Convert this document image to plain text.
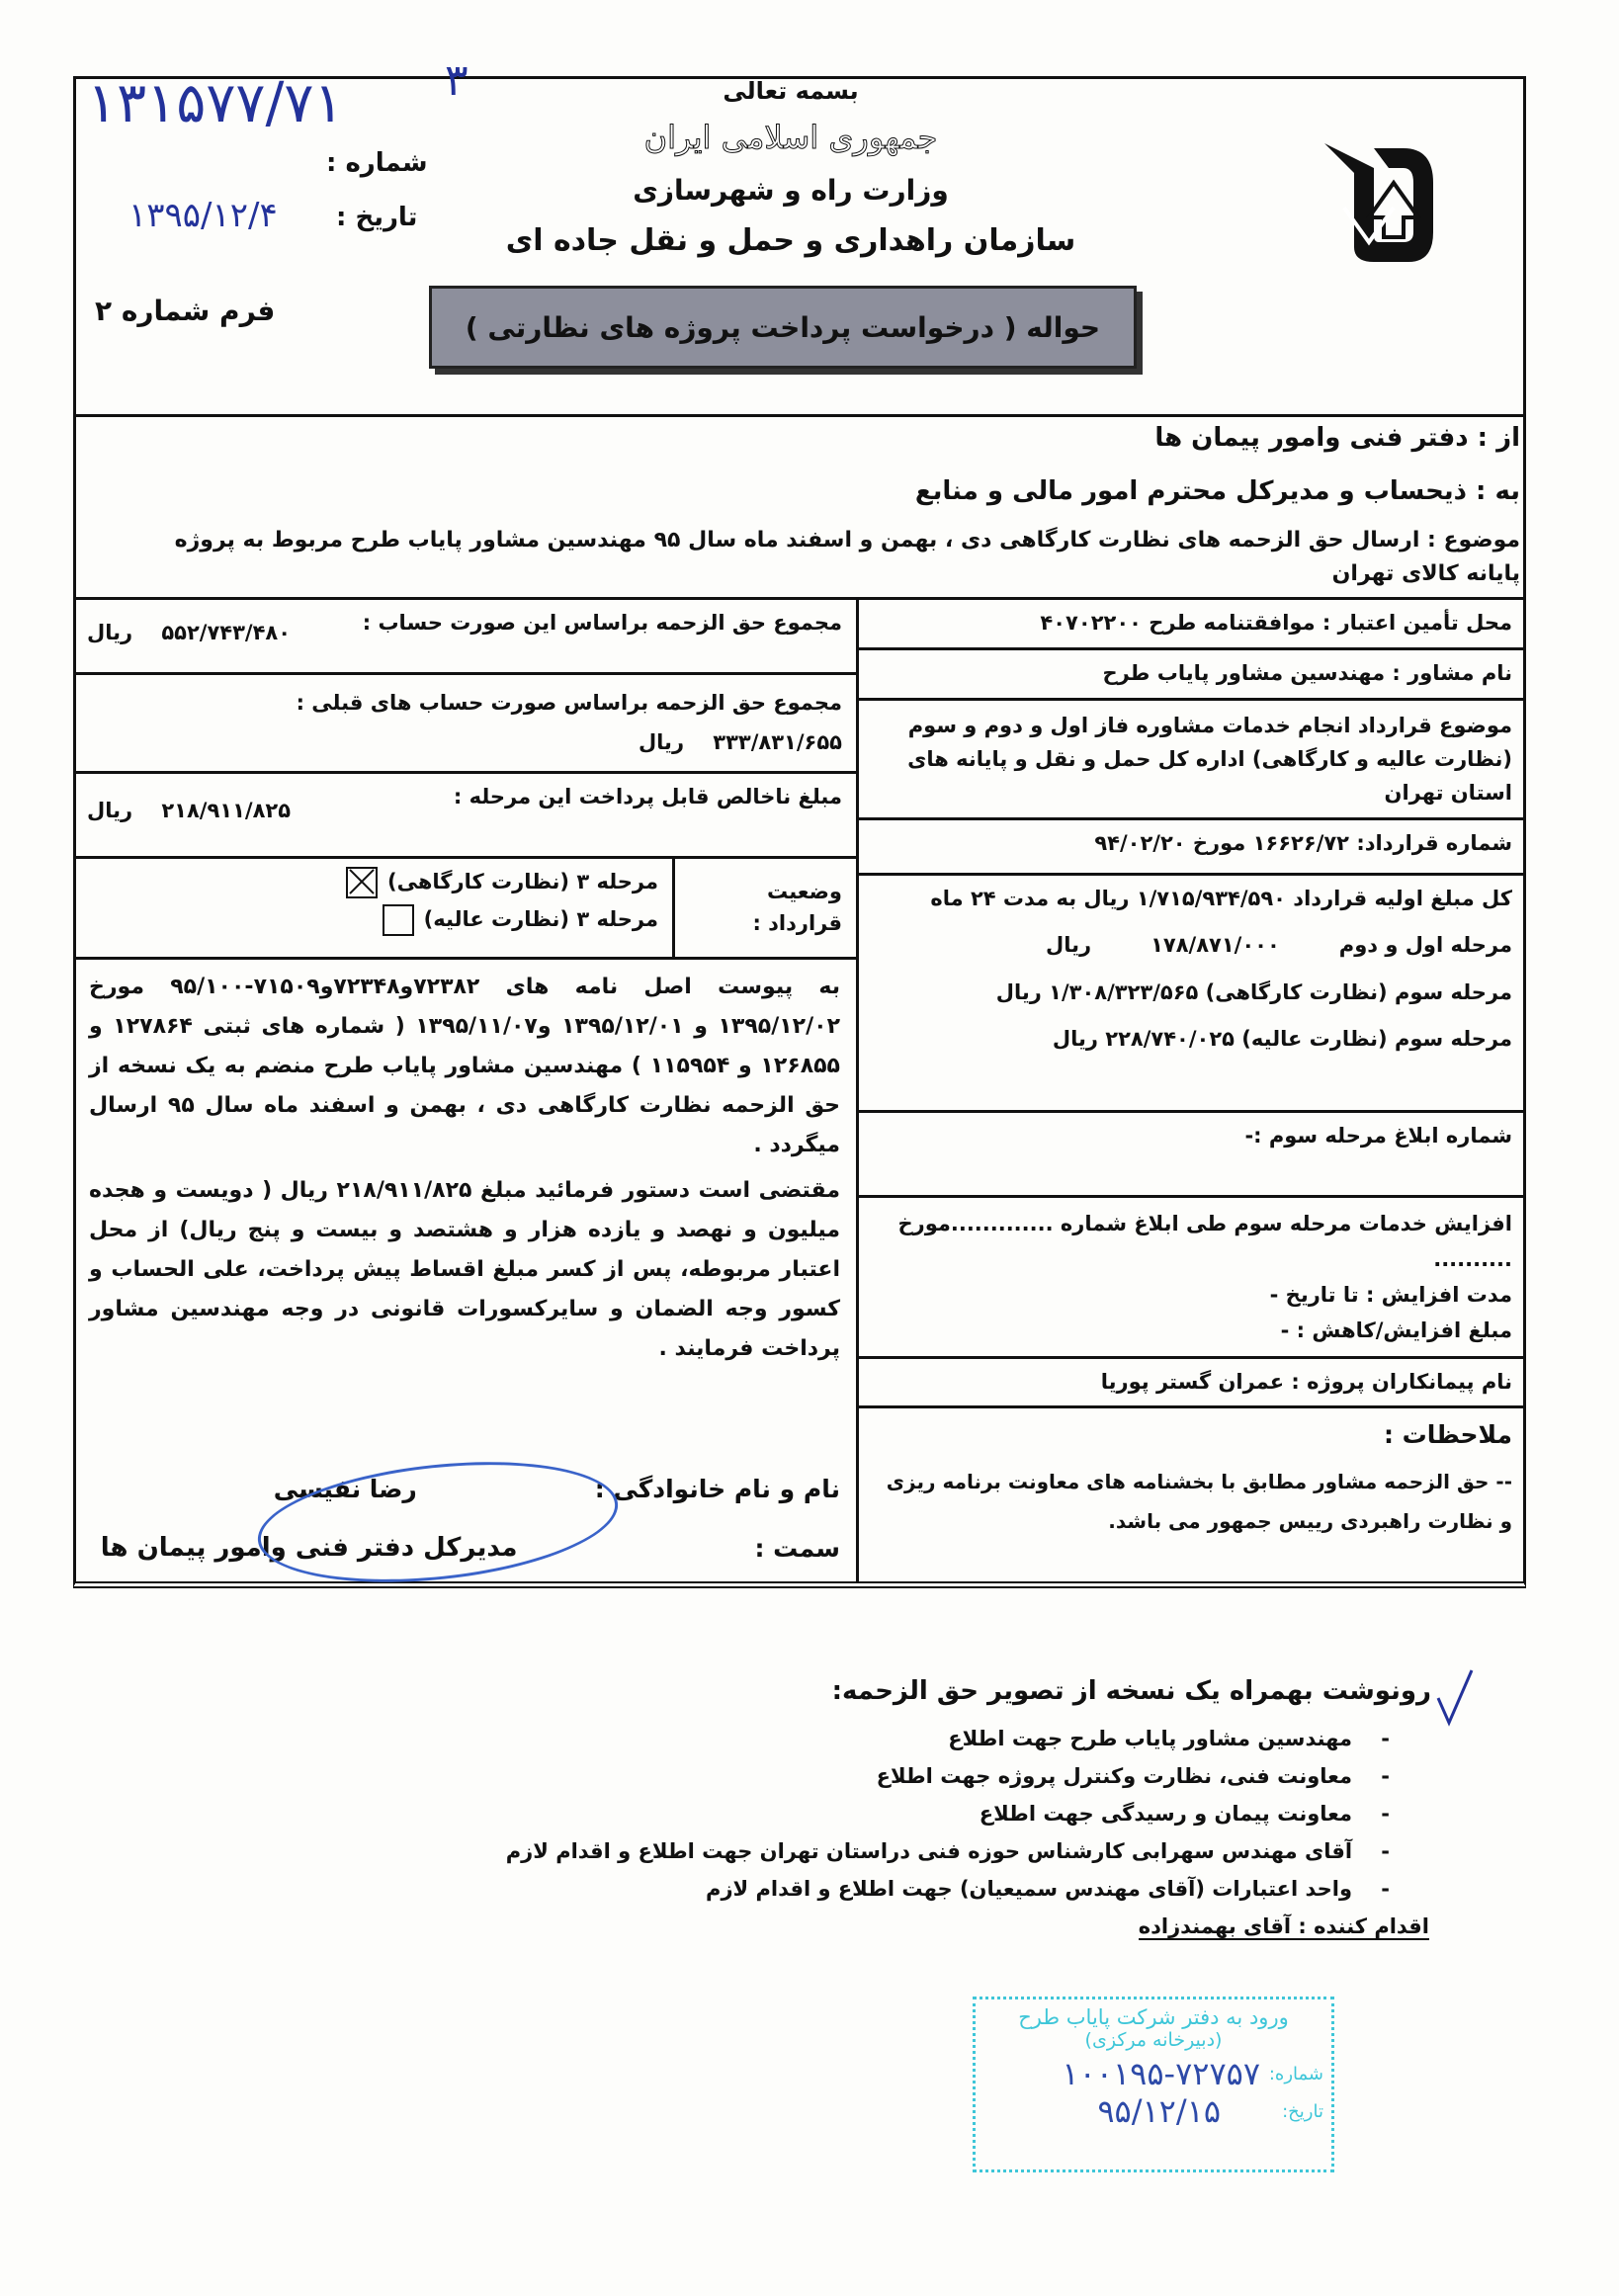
۱۳۱۵۷۷/۷۱ ۳
شماره :
تاریخ :
۱۳۹۵/۱۲/۴
فرم شماره ۲
بسمه تعالی
جمهوری اسلامی ایران
وزارت راه و شهرسازی
سازمان راهداری و حمل و نقل جاده ای
حواله ( درخواست پرداخت پروژه های نظارتی )
از : دفتر فنی وامور پیمان ها
به : ذیحساب و مدیرکل محترم امور مالی و منابع
موضوع : ارسال حق الزحمه های نظارت کارگاهی دی ، بهمن و اسفند ماه سال ۹۵ مهندسین مشاور پایاب طرح مربوط به پروژه پایانه کالای تهران
محل تأمین اعتبار : موافقتنامه طرح ۴۰۷۰۲۲۰۰
نام مشاور : مهندسین مشاور پایاب طرح
موضوع قرارداد انجام خدمات مشاوره فاز اول و دوم و سوم (نظارت عالیه و کارگاهی) اداره کل حمل و نقل و پایانه های استان تهران
شماره قرارداد: ۱۶۶۲۶/۷۲ مورخ ۹۴/۰۲/۲۰
کل مبلغ اولیه قرارداد ۱/۷۱۵/۹۳۴/۵۹۰ ریال به مدت ۲۴ ماه
مرحله اول و دوم
۱۷۸/۸۷۱/۰۰۰
ریال
مرحله سوم (نظارت کارگاهی) ۱/۳۰۸/۳۲۳/۵۶۵ ریال
مرحله سوم (نظارت عالیه) ۲۲۸/۷۴۰/۰۲۵ ریال
شماره ابلاغ مرحله سوم :-
افزایش خدمات مرحله سوم طی ابلاغ شماره .............مورخ ..........
مدت افزایش : تا تاریخ -
مبلغ افزایش/کاهش : -
نام پیمانکاران پروژه : عمران گستر پوریا
ملاحظات :
-- حق الزحمه مشاور مطابق با بخشنامه های معاونت برنامه ریزی و نظارت راهبردی رییس جمهور می باشد.
مجموع حق الزحمه براساس این صورت حساب :
۵۵۲/۷۴۳/۴۸۰    ریال
مجموع حق الزحمه براساس صورت حساب های قبلی :
۳۳۳/۸۳۱/۶۵۵    ریال
مبلغ ناخالص قابل پرداخت این مرحله :
۲۱۸/۹۱۱/۸۲۵    ریال
وضعیت قرارداد :
مرحله ۳ (نظارت کارگاهی)
مرحله ۳ (نظارت عالیه)

به پیوست اصل نامه های ۷۲۳۸۲و۷۲۳۴۸و۷۱۵۰۹-۹۵/۱۰۰ مورخ ۱۳۹۵/۱۲/۰۲ و ۱۳۹۵/۱۲/۰۱ و۱۳۹۵/۱۱/۰۷ ( شماره های ثبتی ۱۲۷۸۶۴ و ۱۲۶۸۵۵ و ۱۱۵۹۵۴ ) مهندسین مشاور پایاب طرح منضم به یک نسخه از حق الزحمه نظارت کارگاهی دی ، بهمن و اسفند ماه سال ۹۵ ارسال میگردد .

مقتضی است دستور فرمائید مبلغ ۲۱۸/۹۱۱/۸۲۵ ریال ( دویست و هجده میلیون و نهصد و یازده هزار و هشتصد و بیست و پنج ریال) از محل اعتبار مربوطه، پس از کسر مبلغ اقساط پیش پرداخت، علی الحساب و کسور وجه الضمان و سایرکسورات قانونی در وجه مهندسین مشاور پرداخت فرمایند .

نام و نام خانوادگی :
رضا نفیسی
سمت :
مدیرکل دفتر فنی وامور پیمان ها
رونوشت بهمراه یک نسخه از تصویر حق الزحمه:
-    مهندسین مشاور پایاب طرح جهت اطلاع
-    معاونت فنی، نظارت وکنترل پروژه جهت اطلاع
-    معاونت پیمان و رسیدگی جهت اطلاع
-    آقای مهندس سهرابی کارشناس حوزه فنی دراستان تهران جهت اطلاع و اقدام لازم
-    واحد اعتبارات (آقای مهندس سمیعیان) جهت اطلاع و اقدام لازم
اقدام کننده : آقای بهمندزاده
ورود به دفتر شرکت پایاب طرح
(دبیرخانه مرکزی)
شماره:
۱۰۰۱۹۵-۷۲۷۵۷
تاریخ:
۹۵/۱۲/۱۵
